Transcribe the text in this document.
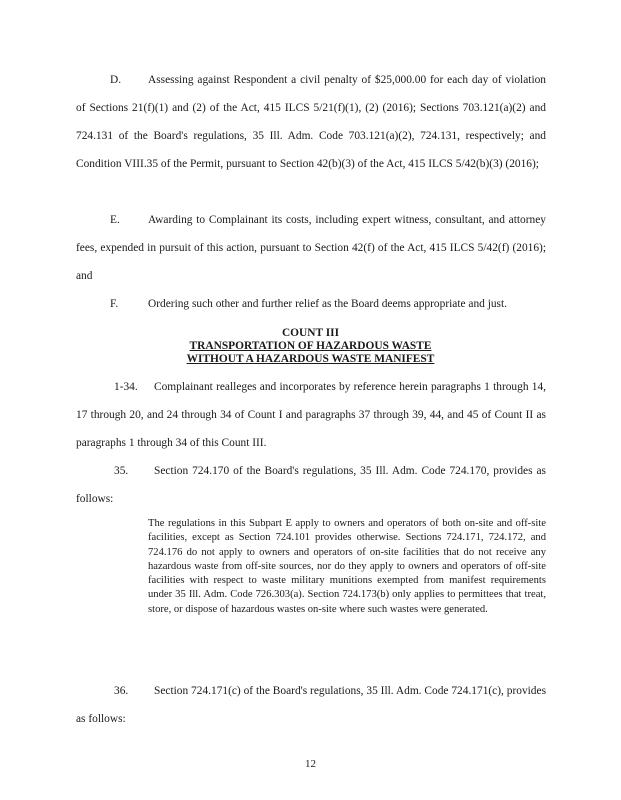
D. Assessing against Respondent a civil penalty of $25,000.00 for each day of violation of Sections 21(f)(1) and (2) of the Act, 415 ILCS 5/21(f)(1), (2) (2016); Sections 703.121(a)(2) and 724.131 of the Board's regulations, 35 Ill. Adm. Code 703.121(a)(2), 724.131, respectively; and Condition VIII.35 of the Permit, pursuant to Section 42(b)(3) of the Act, 415 ILCS 5/42(b)(3) (2016);

E. Awarding to Complainant its costs, including expert witness, consultant, and attorney fees, expended in pursuit of this action, pursuant to Section 42(f) of the Act, 415 ILCS 5/42(f) (2016); and

F.	Ordering such other and further relief as the Board deems appropriate and just.

COUNT III

TRANSPORTATION OF HAZARDOUS WASTE

WITHOUT A HAZARDOUS WASTE MANIFEST

1-34. Complainant realleges and incorporates by reference herein paragraphs 1 through 14, 17 through 20, and 24 through 34 of Count I and paragraphs 37 through 39, 44, and 45 of Count II as paragraphs 1 through 34 of this Count III.

35. Section 724.170 of the Board's regulations, 35 Ill. Adm. Code 724.170, provides as follows:

The regulations in this Subpart E apply to owners and operators of both on-site and off-site facilities, except as Section 724.101 provides otherwise. Sections 724.171, 724.172, and 724.176 do not apply to owners and operators of on-site facilities that do not receive any hazardous waste from off-site sources, nor do they apply to owners and operators of off-site facilities with respect to waste military munitions exempted from manifest requirements under 35 Ill. Adm. Code 726.303(a). Section 724.173(b) only applies to permittees that treat, store, or dispose of hazardous wastes on-site where such wastes were generated.

36. Section 724.171(c) of the Board's regulations, 35 Ill. Adm. Code 724.171(c), provides as follows:

12
